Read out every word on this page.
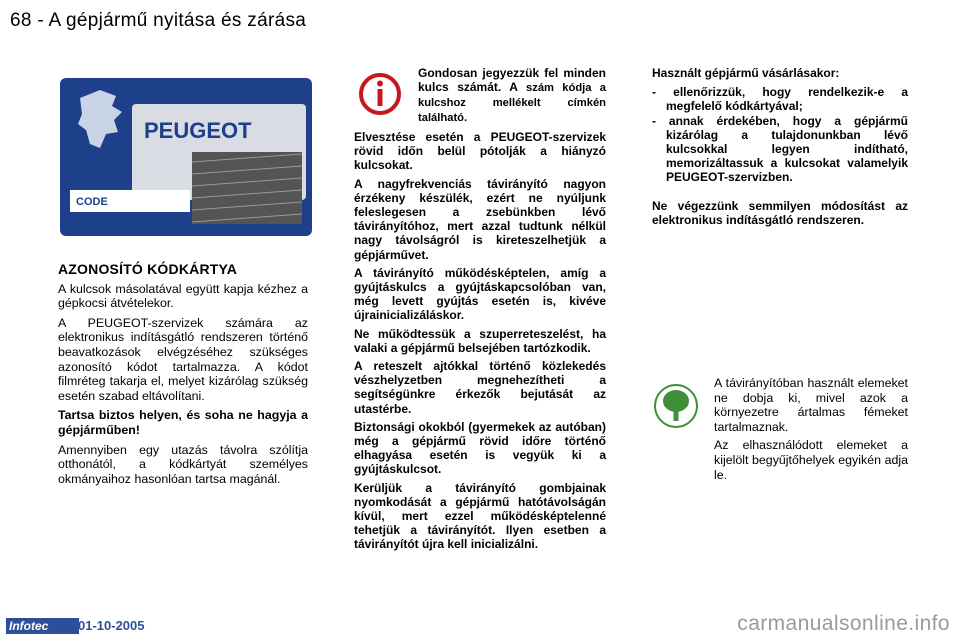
68 - A gépjármű nyitása és zárása
PEUGEOT
CODE

AZONOSÍTÓ KÓDKÁRTYA

A kulcsok másolatával együtt kapja kézhez a gépkocsi átvételekor.

A PEUGEOT-szervizek számára az elektronikus indításgátló rendszeren történő beavatkozások elvégzéséhez szükséges azonosító kódot tartalmazza. A kódot filmréteg takarja el, melyet kizárólag szükség esetén szabad eltávolítani.

Tartsa biztos helyen, és soha ne hagyja a gépjárműben!

Amennyiben egy utazás távolra szólítja otthonától, a kódkártyát személyes okmányaihoz hasonlóan tartsa magánál.

Gondosan jegyezzük fel minden kulcs számát. A szám kódja a kulcshoz mellékelt címkén található.

Elvesztése esetén a PEUGEOT-szervizek rövid időn belül pótolják a hiányzó kulcsokat.

A nagyfrekvenciás távirányító nagyon érzékeny készülék, ezért ne nyúljunk feleslegesen a zsebünkben lévő távirányítóhoz, mert azzal tudtunk nélkül nagy távolságról is kireteszelhetjük a gépjárművet.

A távirányító működésképtelen, amíg a gyújtáskulcs a gyújtáskapcsolóban van, még levett gyújtás esetén is, kivéve újrainicializáláskor.

Ne működtessük a szuperreteszelést, ha valaki a gépjármű belsejében tartózkodik.

A reteszelt ajtókkal történő közlekedés vészhelyzetben megnehezítheti a segítségünkre érkezők bejutását az utastérbe.

Biztonsági okokból (gyermekek az autóban) még a gépjármű rövid időre történő elhagyása esetén is vegyük ki a gyújtáskulcsot.

Kerüljük a távirányító gombjainak nyomkodását a gépjármű hatótávolságán kívül, mert ezzel működésképtelenné tehetjük a távirányítót. Ilyen esetben a távirányítót újra kell inicializálni.

Használt gépjármű vásárlásakor:

- ellenőrizzük, hogy rendelkezik-e a megfelelő kódkártyával;

- annak érdekében, hogy a gépjármű kizárólag a tulajdonunkban lévő kulcsokkal legyen indítható, memorizáltassuk a kulcsokat valamelyik PEUGEOT-szervizben.

Ne végezzünk semmilyen módosítást az elektronikus indításgátló rendszeren.

A távirányítóban használt elemeket ne dobja ki, mivel azok a környezetre ártalmas fémeket tartalmaznak.

Az elhasználódott elemeket a kijelölt begyűjtőhelyek egyikén adja le.

Infotec	01-10-2005	carmanualsonline.info
